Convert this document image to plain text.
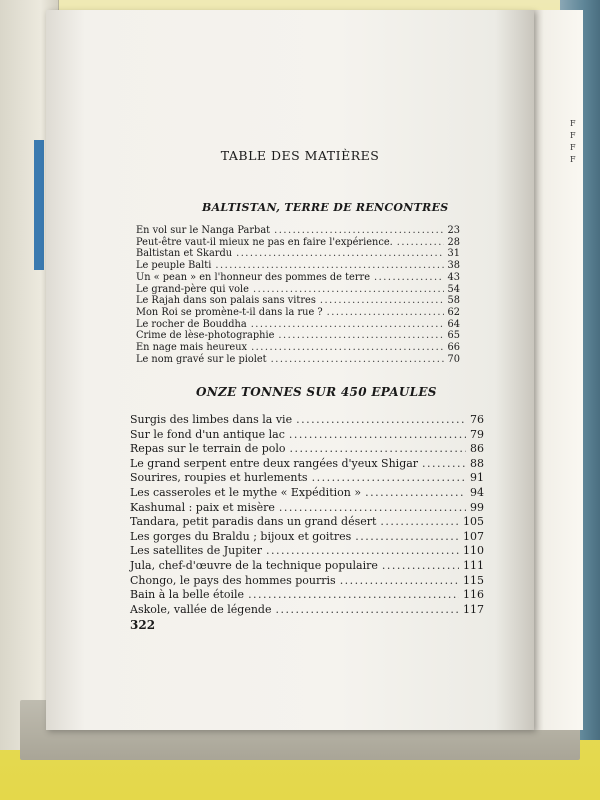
F
F
F
F
TABLE DES MATIÈRES
BALTISTAN, TERRE DE RENCONTRES
En vol sur le Nanga Parbat .....	23
Peut-être vaut-il mieux ne pas en faire l'expérience. .....	28
Baltistan et Skardu .....	31
Le peuple Balti .....	38
Un « pean » en l'honneur des pommes de terre .....	43
Le grand-père qui vole .....	54
Le Rajah dans son palais sans vitres .....	58
Mon Roi se promène-t-il dans la rue ? .....	62
Le rocher de Bouddha .....	64
Crime de lèse-photographie .....	65
En nage mais heureux .....	66
Le nom gravé sur le piolet .....	70
ONZE TONNES SUR 450 EPAULES
Surgis des limbes dans la vie .....	76
Sur le fond d'un antique lac .....	79
Repas sur le terrain de polo .....	86
Le grand serpent entre deux rangées d'yeux Shigar .....	88
Sourires, roupies et hurlements .....	91
Les casseroles et le mythe « Expédition » .....	94
Kashumal : paix et misère .....	99
Tandara, petit paradis dans un grand désert .....	105
Les gorges du Braldu ; bijoux et goitres .....	107
Les satellites de Jupiter .....	110
Jula, chef-d'œuvre de la technique populaire .....	111
Chongo, le pays des hommes pourris .....	115
Bain à la belle étoile .....	116
Askole, vallée de légende .....	117
322
